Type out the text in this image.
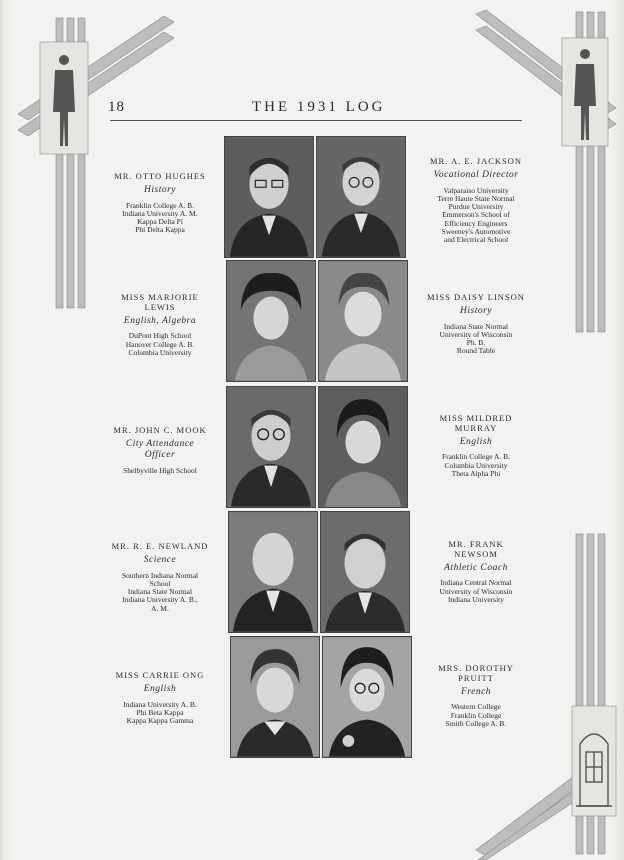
18	THE 1931 LOG
MR. OTTO HUGHES
History
Franklin College A. B.
Indiana University A. M.
Kappa Delta Pi
Phi Delta Kappa
MR. A. E. JACKSON
Vocational Director
Valparaiso University
Terre Haute State Normal
Purdue University
Emmerson's School of
Efficiency Engineers
Sweeney's Automotive
and Electrical School
MISS MARJORIE
LEWIS
English, Algebra
DuPont High School
Hanover College A. B.
Columbia University
MISS DAISY LINSON
History
Indiana State Normal
University of Wisconsin
Ph. B.
Round Table
MR. JOHN C. MOOK
City Attendance
Officer
Shelbyville High School
MISS MILDRED
MURRAY
English
Franklin College A. B.
Columbia University
Theta Alpha Phi
MR. R. E. NEWLAND
Science
Southern Indiana Normal
School
Indiana State Normal
Indiana University A. B.,
A. M.
MR. FRANK
NEWSOM
Athletic Coach
Indiana Central Normal
University of Wisconsin
Indiana University
MISS CARRIE ONG
English
Indiana University A. B.
Phi Beta Kappa
Kappa Kappa Gamma
MRS. DOROTHY
PRUITT
French
Western College
Franklin College
Smith College A. B.
